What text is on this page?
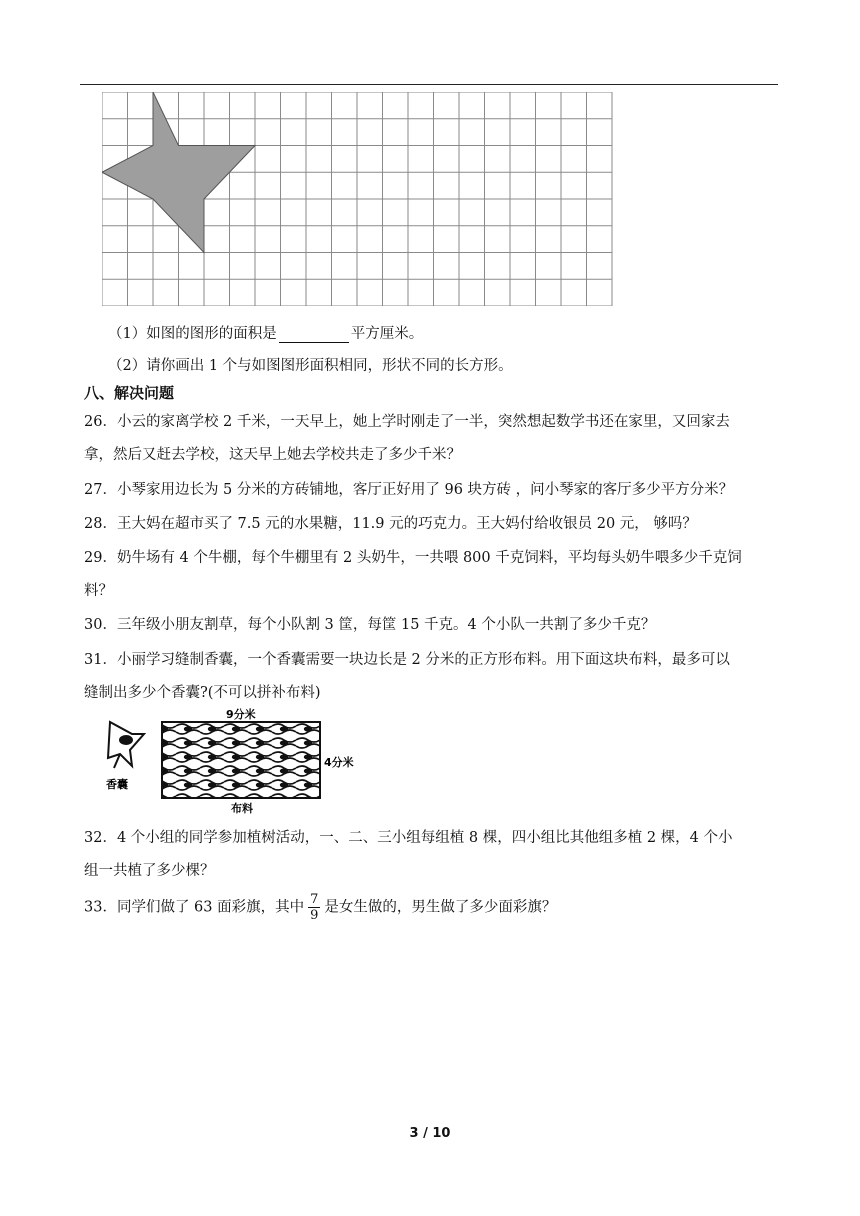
（1）如图的图形的面积是	平方厘米。
（2）请你画出 1 个与如图图形面积相同，形状不同的长方形。
八、解决问题
26．小云的家离学校 2 千米，一天早上，她上学时刚走了一半，突然想起数学书还在家里，又回家去
拿，然后又赶去学校，这天早上她去学校共走了多少千米？
27．小琴家用边长为 5 分米的方砖铺地，客厅正好用了 96 块方砖 ，问小琴家的客厅多少平方分米？
28．王大妈在超市买了 7.5 元的水果糖，11.9 元的巧克力。王大妈付给收银员 20 元， 够吗？
29．奶牛场有 4 个牛棚，每个牛棚里有 2 头奶牛，一共喂 800 千克饲料，平均每头奶牛喂多少千克饲
料？
30．三年级小朋友割草，每个小队割 3 筐，每筐 15 千克。4 个小队一共割了多少千克？
31．小丽学习缝制香囊，一个香囊需要一块边长是 2 分米的正方形布料。用下面这块布料，最多可以
缝制出多少个香囊?(不可以拼补布料)
香囊
9分米
4分米
布料
32．4 个小组的同学参加植树活动，一、二、三小组每组植 8 棵，四小组比其他组多植 2 棵，4 个小
组一共植了多少棵？
33．同学们做了 63 面彩旗，其中 $\frac{7}{9}$ 是女生做的，男生做了多少面彩旗？
3 / 10
